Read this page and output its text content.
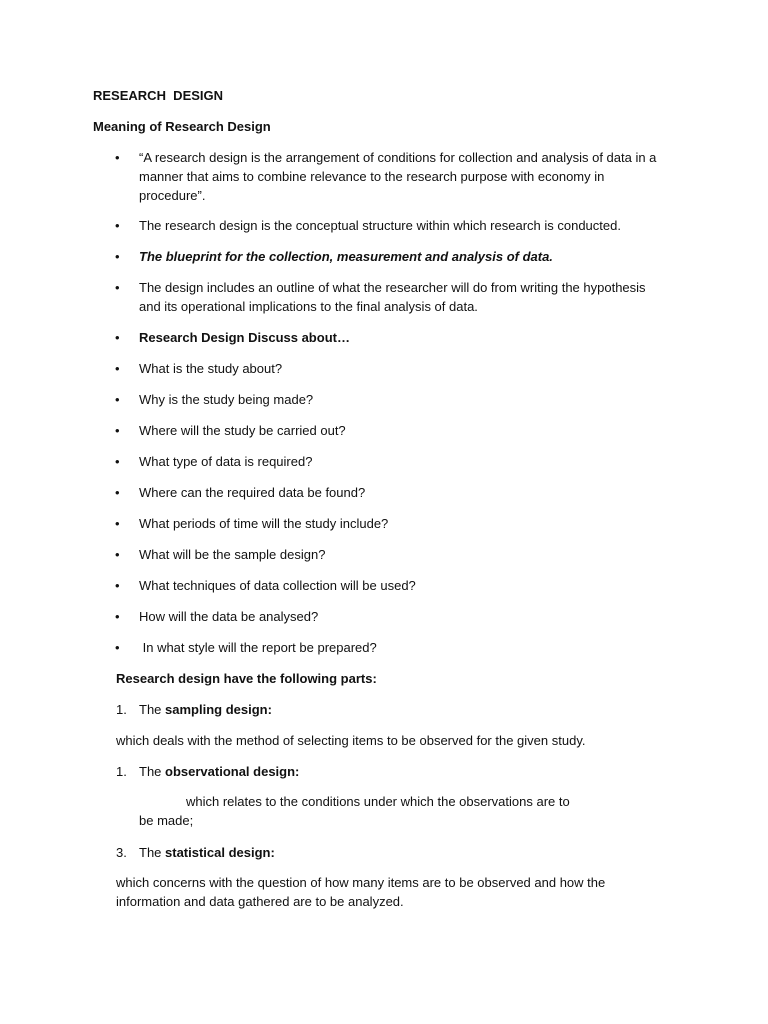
RESEARCH  DESIGN
Meaning of Research Design
• “A research design is the arrangement of conditions for collection and analysis of data in a manner that aims to combine relevance to the research purpose with economy in procedure”.
• The research design is the conceptual structure within which research is conducted.
• The blueprint for the collection, measurement and analysis of data.
• The design includes an outline of what the researcher will do from writing the hypothesis and its operational implications to the final analysis of data.
• Research Design Discuss about…
• What is the study about?
• Why is the study being made?
• Where will the study be carried out?
• What type of data is required?
• Where can the required data be found?
• What periods of time will the study include?
• What will be the sample design?
• What techniques of data collection will be used?
• How will the data be analysed?
• In what style will the report be prepared?
Research design have the following parts:
1. The sampling design:
which deals with the method of selecting items to be observed for the given study.
1. The observational design:
which relates to the conditions under which the observations are to
be made;
3. The statistical design:
which concerns with the question of how many items are to be observed and how the
information and data gathered are to be analyzed.
